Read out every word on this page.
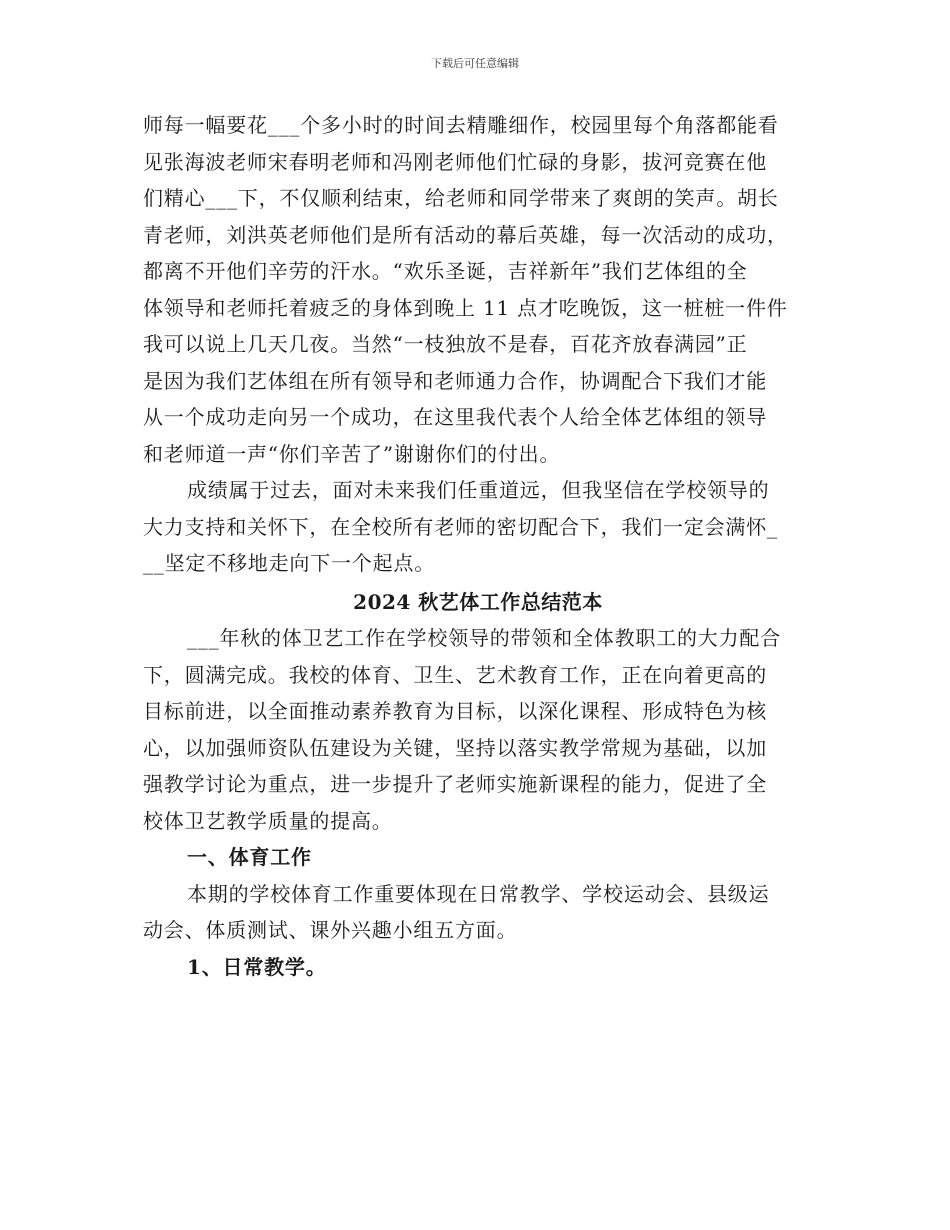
下载后可任意编辑
师每一幅要花___个多小时的时间去精雕细作，校园里每个角落都能看
见张海波老师宋春明老师和冯刚老师他们忙碌的身影，拔河竞赛在他
们精心___下，不仅顺利结束，给老师和同学带来了爽朗的笑声。胡长
青老师，刘洪英老师他们是所有活动的幕后英雄，每一次活动的成功，
都离不开他们辛劳的汗水。“欢乐圣诞，吉祥新年”我们艺体组的全
体领导和老师托着疲乏的身体到晚上 11 点才吃晚饭，这一桩桩一件件
我可以说上几天几夜。当然“一枝独放不是春，百花齐放春满园”正
是因为我们艺体组在所有领导和老师通力合作，协调配合下我们才能
从一个成功走向另一个成功，在这里我代表个人给全体艺体组的领导
和老师道一声“你们辛苦了”谢谢你们的付出。
成绩属于过去，面对未来我们任重道远，但我坚信在学校领导的
大力支持和关怀下，在全校所有老师的密切配合下，我们一定会满怀_
__坚定不移地走向下一个起点。
2024 秋艺体工作总结范本
___年秋的体卫艺工作在学校领导的带领和全体教职工的大力配合
下，圆满完成。我校的体育、卫生、艺术教育工作，正在向着更高的
目标前进，以全面推动素养教育为目标，以深化课程、形成特色为核
心，以加强师资队伍建设为关键，坚持以落实教学常规为基础，以加
强教学讨论为重点，进一步提升了老师实施新课程的能力，促进了全
校体卫艺教学质量的提高。
一、体育工作
本期的学校体育工作重要体现在日常教学、学校运动会、县级运
动会、体质测试、课外兴趣小组五方面。
1、日常教学。
